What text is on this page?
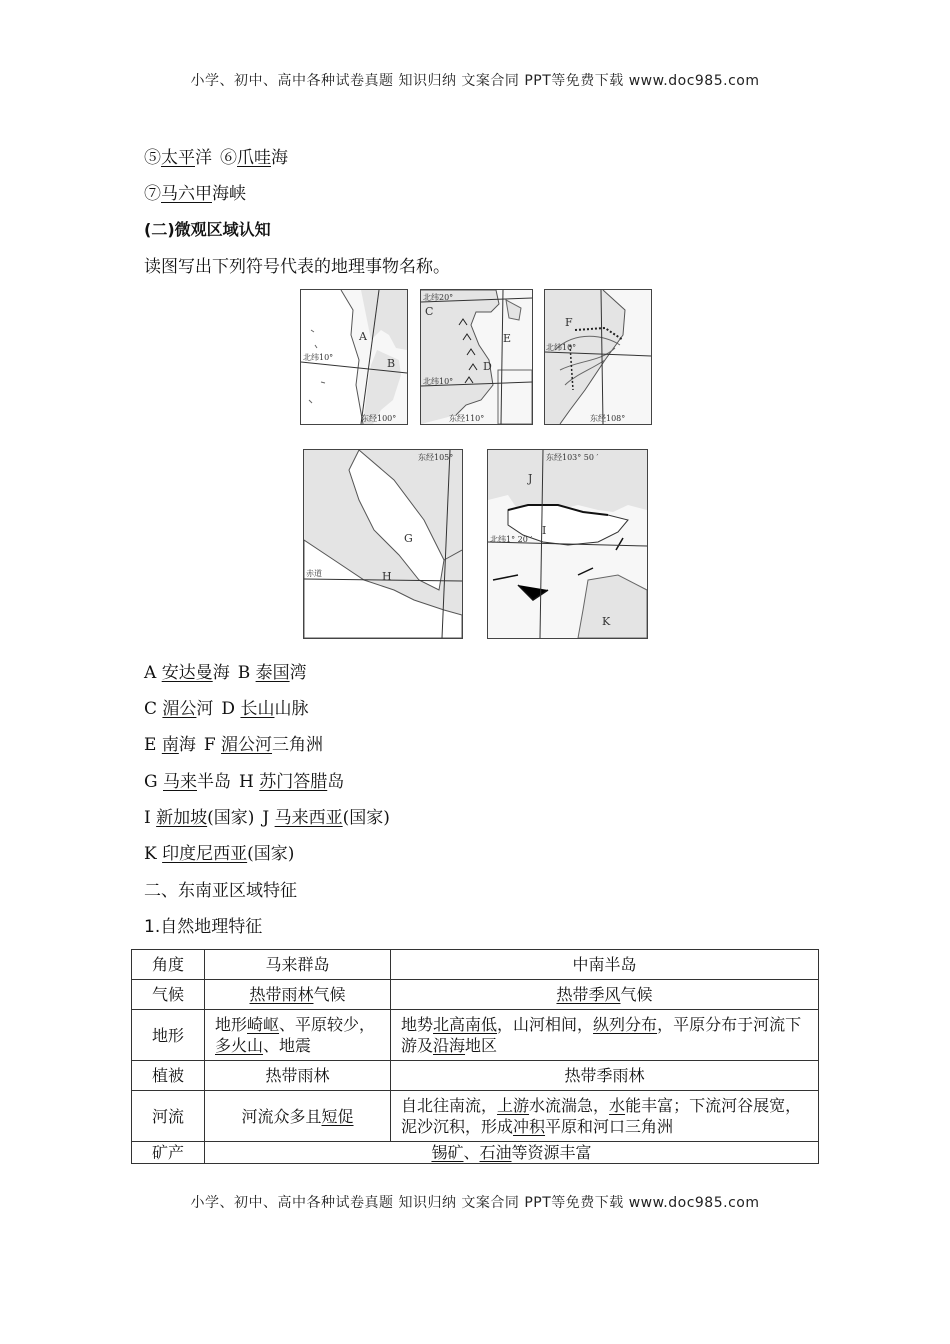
小学、初中、高中各种试卷真题 知识归纳 文案合同 PPT等免费下载 www.doc985.com
⑤太平洋 ⑥爪哇海
⑦马六甲海峡
(二)微观区域认知
读图写出下列符号代表的地理事物名称。
A
B
北纬10°
东经100°
C
D
E
北纬20°
北纬10°
东经110°
F
北纬10°
东经108°
G
H
赤道
东经105°
J
I
K
北纬1° 20 ′
东经103° 50 ′
A 安达曼海 B 泰国湾
C 湄公河 D 长山山脉
E 南海 F 湄公河三角洲
G 马来半岛 H 苏门答腊岛
I 新加坡(国家) J 马来西亚(国家)
K 印度尼西亚(国家)
二、东南亚区域特征
1.自然地理特征
角度	马来群岛	中南半岛
气候	热带雨林气候	热带季风气候
地形	地形崎岖、平原较少，多火山、地震	地势北高南低，山河相间，纵列分布，平原分布于河流下游及沿海地区
植被	热带雨林	热带季雨林
河流	河流众多且短促	自北往南流，上游水流湍急，水能丰富；下流河谷展宽，泥沙沉积，形成冲积平原和河口三角洲
矿产	锡矿、石油等资源丰富	
小学、初中、高中各种试卷真题 知识归纳 文案合同 PPT等免费下载 www.doc985.com
